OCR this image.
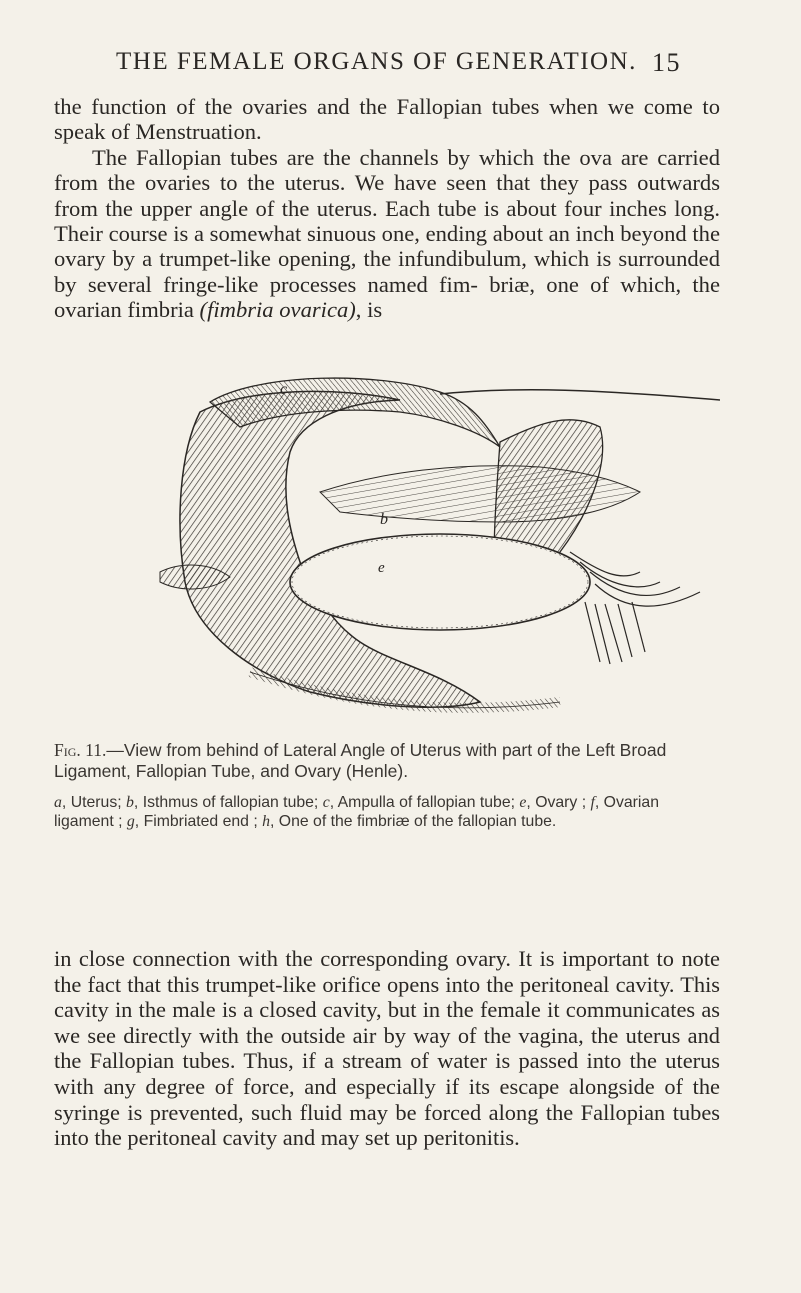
THE FEMALE ORGANS OF GENERATION. 15

the function of the ovaries and the Fallopian tubes when we come to speak of Menstruation.
The Fallopian tubes are the channels by which the ova are carried from the ovaries to the uterus. We have seen that they pass outwards from the upper angle of the uterus. Each tube is about four inches long. Their course is a somewhat sinuous one, ending about an inch beyond the ovary by a trumpet-like opening, the infundibulum, which is surrounded by several fringe-like processes named fim- briæ, one of which, the ovarian fimbria (fimbria ovarica), is

c
b
e

Fig. 11.—View from behind of Lateral Angle of Uterus with part of the Left Broad Ligament, Fallopian Tube, and Ovary (Henle).

a, Uterus; b, Isthmus of fallopian tube; c, Ampulla of fallopian tube; e, Ovary ; f, Ovarian ligament ; g, Fimbriated end ; h, One of the fimbriæ of the fallopian tube.

in close connection with the corresponding ovary. It is important to note the fact that this trumpet-like orifice opens into the peritoneal cavity. This cavity in the male is a closed cavity, but in the female it communicates as we see directly with the outside air by way of the vagina, the uterus and the Fallopian tubes. Thus, if a stream of water is passed into the uterus with any degree of force, and especially if its escape alongside of the syringe is prevented, such fluid may be forced along the Fallopian tubes into the peritoneal cavity and may set up peritonitis.
